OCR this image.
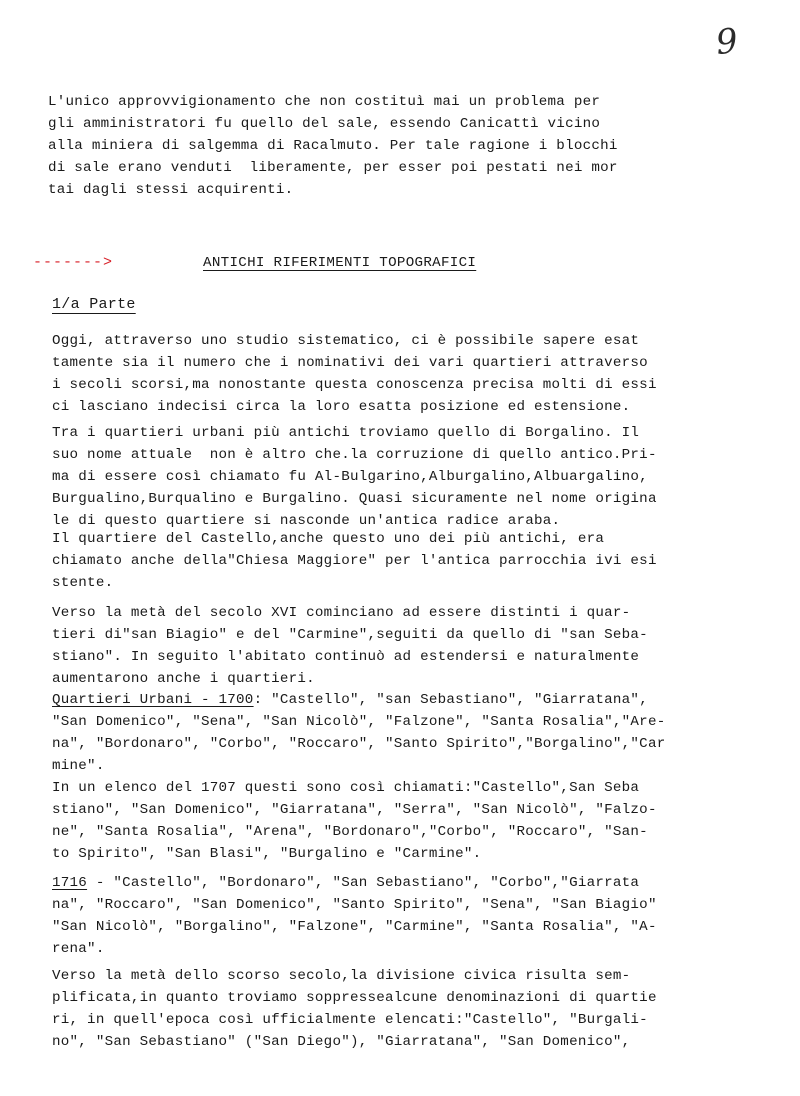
9

L'unico approvvigionamento che non costituì mai un problema per
gli amministratori fu quello del sale, essendo Canicattì vicino
alla miniera di salgemma di Racalmuto. Per tale ragione i blocchi
di sale erano venduti  liberamente, per esser poi pestati nei mor
tai dagli stessi acquirenti.

------->	ANTICHI RIFERIMENTI TOPOGRAFICI
1/a Parte

Oggi, attraverso uno studio sistematico, ci è possibile sapere esat
tamente sia il numero che i nominativi dei vari quartieri attraverso
i secoli scorsi,ma nonostante questa conoscenza precisa molti di essi
ci lasciano indecisi circa la loro esatta posizione ed estensione.

Tra i quartieri urbani più antichi troviamo quello di Borgalino. Il
suo nome attuale  non è altro che.la corruzione di quello antico.Pri-
ma di essere così chiamato fu Al-Bulgarino,Alburgalino,Albuargalino,
Burgualino,Burqualino e Burgalino. Quasi sicuramente nel nome origina
le di questo quartiere si nasconde un'antica radice araba.

Il quartiere del Castello,anche questo uno dei più antichi, era
chiamato anche della"Chiesa Maggiore" per l'antica parrocchia ivi esi
stente.

Verso la metà del secolo XVI cominciano ad essere distinti i quar-
tieri di"san Biagio" e del "Carmine",seguiti da quello di "san Seba-
stiano". In seguito l'abitato continuò ad estendersi e naturalmente
aumentarono anche i quartieri.

Quartieri Urbani - 1700: "Castello", "san Sebastiano", "Giarratana",
"San Domenico", "Sena", "San Nicolò", "Falzone", "Santa Rosalia","Are-
na", "Bordonaro", "Corbo", "Roccaro", "Santo Spirito","Borgalino","Car
mine".

In un elenco del 1707 questi sono così chiamati:"Castello",San Seba
stiano", "San Domenico", "Giarratana", "Serra", "San Nicolò", "Falzo-
ne", "Santa Rosalia", "Arena", "Bordonaro","Corbo", "Roccaro", "San-
to Spirito", "San Blasi", "Burgalino e "Carmine".

1716 - "Castello", "Bordonaro", "San Sebastiano", "Corbo","Giarrata
na", "Roccaro", "San Domenico", "Santo Spirito", "Sena", "San Biagio"
"San Nicolò", "Borgalino", "Falzone", "Carmine", "Santa Rosalia", "A-
rena".

Verso la metà dello scorso secolo,la divisione civica risulta sem-
plificata,in quanto troviamo soppressealcune denominazioni di quartie
ri, in quell'epoca così ufficialmente elencati:"Castello", "Burgali-
no", "San Sebastiano" ("San Diego"), "Giarratana", "San Domenico",
